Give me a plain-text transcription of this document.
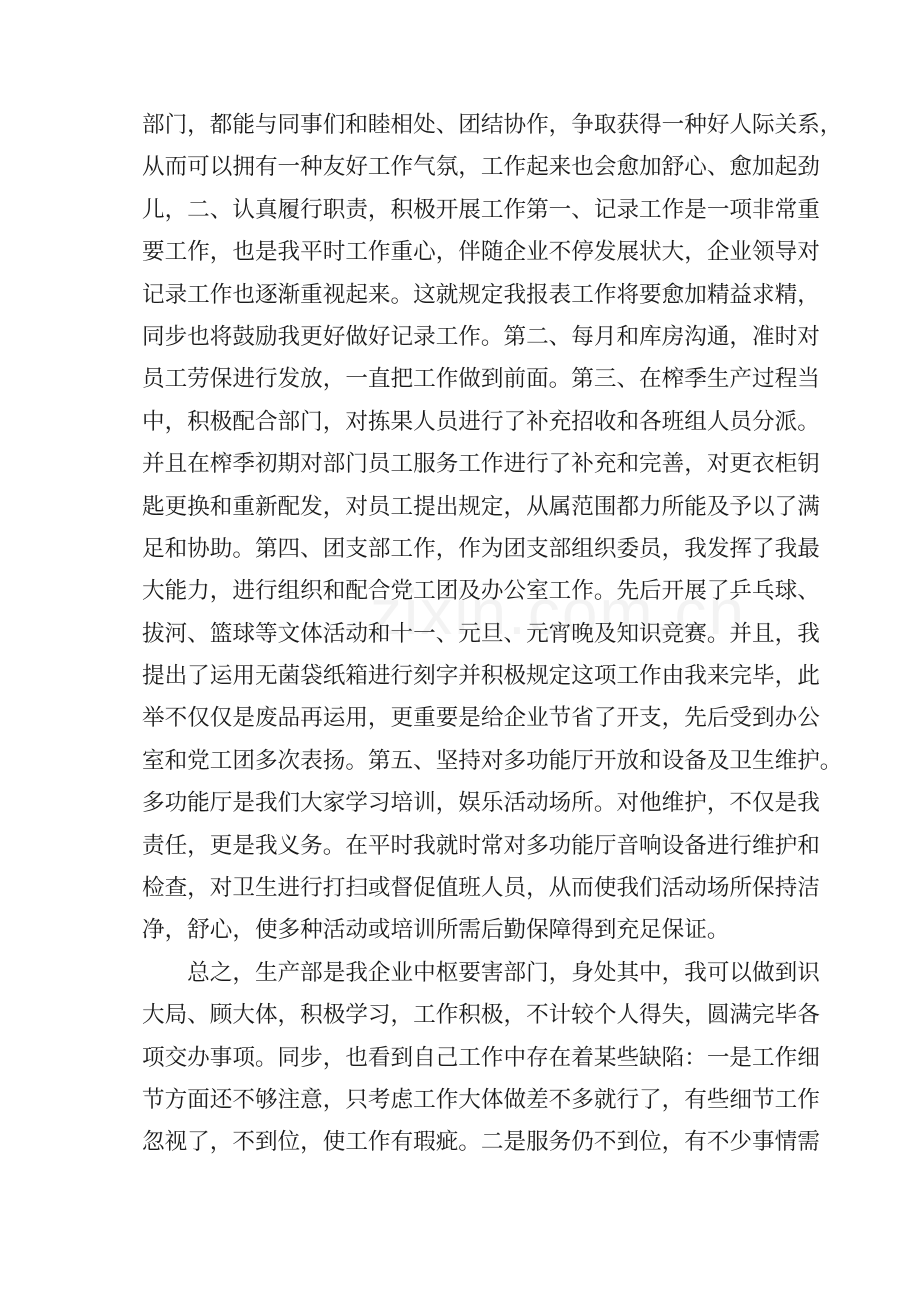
部门，都能与同事们和睦相处、团结协作，争取获得一种好人际关系，
从而可以拥有一种友好工作气氛，工作起来也会愈加舒心、愈加起劲
儿，二、认真履行职责，积极开展工作第一、记录工作是一项非常重
要工作，也是我平时工作重心，伴随企业不停发展状大，企业领导对
记录工作也逐渐重视起来。这就规定我报表工作将要愈加精益求精，
同步也将鼓励我更好做好记录工作。第二、每月和库房沟通，准时对
员工劳保进行发放，一直把工作做到前面。第三、在榨季生产过程当
中，积极配合部门，对拣果人员进行了补充招收和各班组人员分派。
并且在榨季初期对部门员工服务工作进行了补充和完善，对更衣柜钥
匙更换和重新配发，对员工提出规定，从属范围都力所能及予以了满
足和协助。第四、团支部工作，作为团支部组织委员，我发挥了我最
大能力，进行组织和配合党工团及办公室工作。先后开展了乒乓球、
拔河、篮球等文体活动和十一、元旦、元宵晚及知识竞赛。并且，我
提出了运用无菌袋纸箱进行刻字并积极规定这项工作由我来完毕，此
举不仅仅是废品再运用，更重要是给企业节省了开支，先后受到办公
室和党工团多次表扬。第五、坚持对多功能厅开放和设备及卫生维护。
多功能厅是我们大家学习培训，娱乐活动场所。对他维护，不仅是我
责任，更是我义务。在平时我就时常对多功能厅音响设备进行维护和
检查，对卫生进行打扫或督促值班人员，从而使我们活动场所保持洁
净，舒心，使多种活动或培训所需后勤保障得到充足保证。
　　总之，生产部是我企业中枢要害部门，身处其中，我可以做到识
大局、顾大体，积极学习，工作积极，不计较个人得失，圆满完毕各
项交办事项。同步，也看到自己工作中存在着某些缺陷：一是工作细
节方面还不够注意，只考虑工作大体做差不多就行了，有些细节工作
忽视了，不到位，使工作有瑕疵。二是服务仍不到位，有不少事情需
